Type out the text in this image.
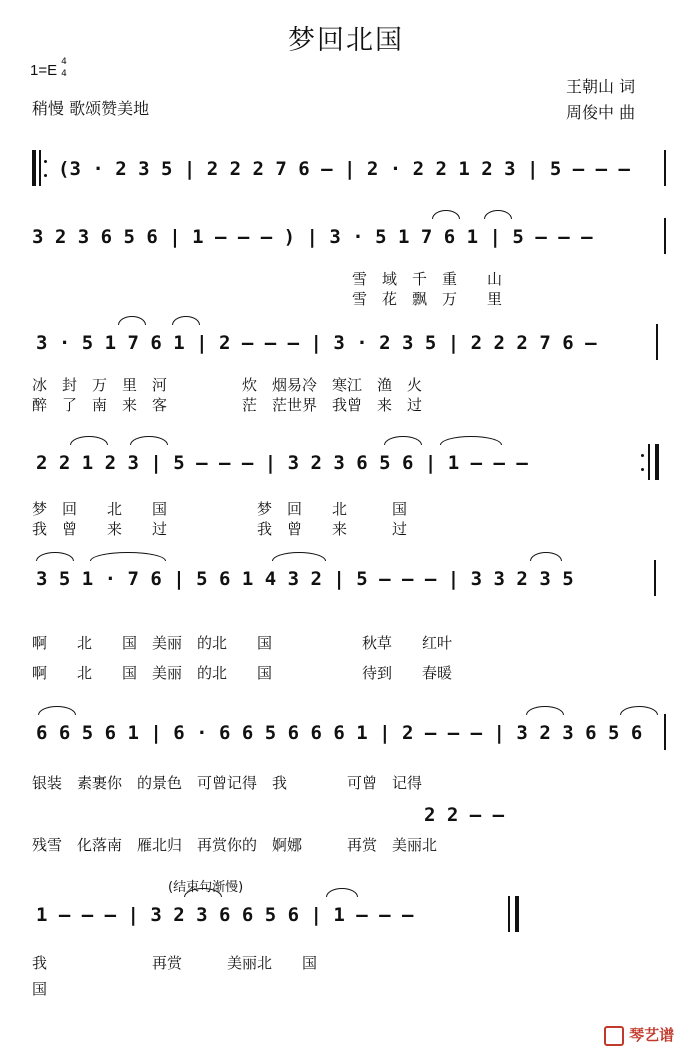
梦回北国
1=E 4
4
稍慢 歌颂赞美地
王朝山 词
周俊中 曲
(3 · 2 3 5 | 2 2 2 7 6 — | 2 · 2 2 1 2 3 | 5 — — —
3 2 3 6 5 6 | 1 — — — ) | 3 · 5 1 7 6 1 | 5 — — —
雪　域　千　重　　山
雪　花　飘　万　　里
3 · 5 1 7 6 1 | 2 — — — | 3 · 2 3 5 | 2 2 2 7 6 —
冰　封　万　里　河　　　　　炊　烟易冷　寒江　渔　火
醉　了　南　来　客　　　　　茫　茫世界　我曾　来　过
2 2 1 2 3 | 5 — — — | 3 2 3 6 5 6 | 1 — — —
梦　回　　北　　国　　　　　　梦　回　　北　　　国
我　曾　　来　　过　　　　　　我　曾　　来　　　过
3 5 1 · 7 6 | 5 6 1 4 3 2 | 5 — — — | 3 3 2 3 5
啊　　北　　国　美丽　的北　　国　　　　　　秋草　　红叶
啊　　北　　国　美丽　的北　　国　　　　　　待到　　春暖
6 6 5 6 1 | 6 · 6 6 5 6 6 6 1 | 2 — — — | 3 2 3 6 5 6
银装　素裹你　的景色　可曾记得　我　　　　可曾　记得
2 2 — —
残雪　化落南　雁北归　再赏你的　婀娜　　　再赏　美丽北
(结束句渐慢)
1 — — — | 3 2 3 6 6 5 6 | 1 — — —
我　　　　　　　再赏　　　美丽北　　国
国
琴艺谱
